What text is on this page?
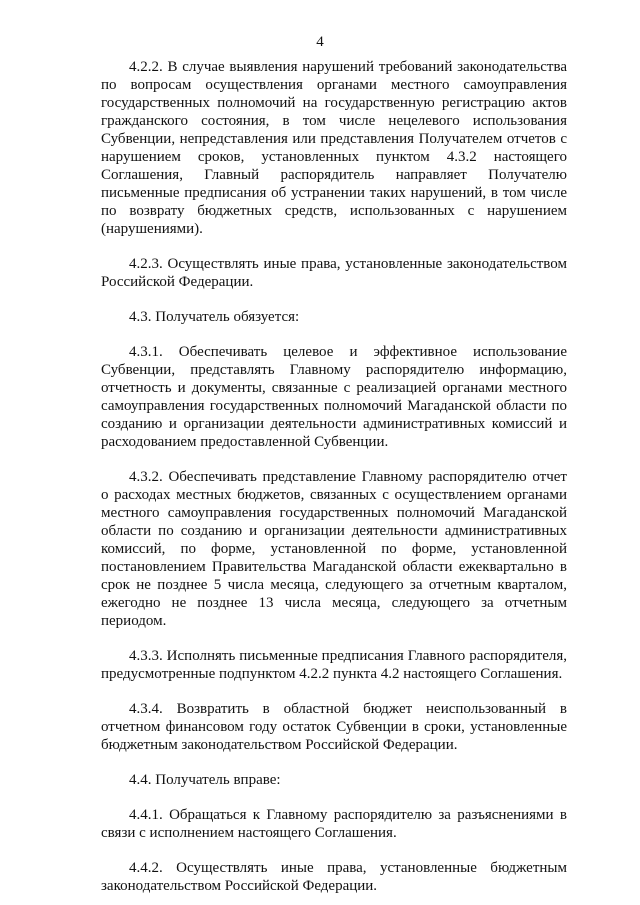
4

4.2.2. В случае выявления нарушений требований законодательства по вопросам осуществления органами местного самоуправления государственных полномочий на государственную регистрацию актов гражданского состояния, в том числе нецелевого использования Субвенции, непредставления или представления Получателем отчетов с нарушением сроков, установленных пунктом 4.3.2 настоящего Соглашения, Главный распорядитель направляет Получателю письменные предписания об устранении таких нарушений, в том числе по возврату бюджетных средств, использованных с нарушением (нарушениями).

4.2.3. Осуществлять иные права, установленные законодательством Российской Федерации.

4.3. Получатель обязуется:

4.3.1. Обеспечивать целевое и эффективное использование Субвенции, представлять Главному распорядителю информацию, отчетность и документы, связанные с реализацией органами местного самоуправления государственных полномочий Магаданской области по созданию и организации деятельности административных комиссий и расходованием предоставленной Субвенции.

4.3.2. Обеспечивать представление Главному распорядителю отчет о расходах местных бюджетов, связанных с осуществлением органами местного самоуправления государственных полномочий Магаданской области по созданию и организации деятельности административных комиссий, по форме, установленной по форме, установленной постановлением Правительства Магаданской области ежеквартально в срок не позднее 5 числа месяца, следующего за отчетным кварталом, ежегодно не позднее 13 числа месяца, следующего за отчетным периодом.

4.3.3. Исполнять письменные предписания Главного распорядителя, предусмотренные подпунктом 4.2.2 пункта 4.2 настоящего Соглашения.

4.3.4. Возвратить в областной бюджет неиспользованный в отчетном финансовом году остаток Субвенции в сроки, установленные бюджетным законодательством Российской Федерации.

4.4. Получатель вправе:

4.4.1. Обращаться к Главному распорядителю за разъяснениями в связи с исполнением настоящего Соглашения.

4.4.2. Осуществлять иные права, установленные бюджетным законодательством Российской Федерации.
